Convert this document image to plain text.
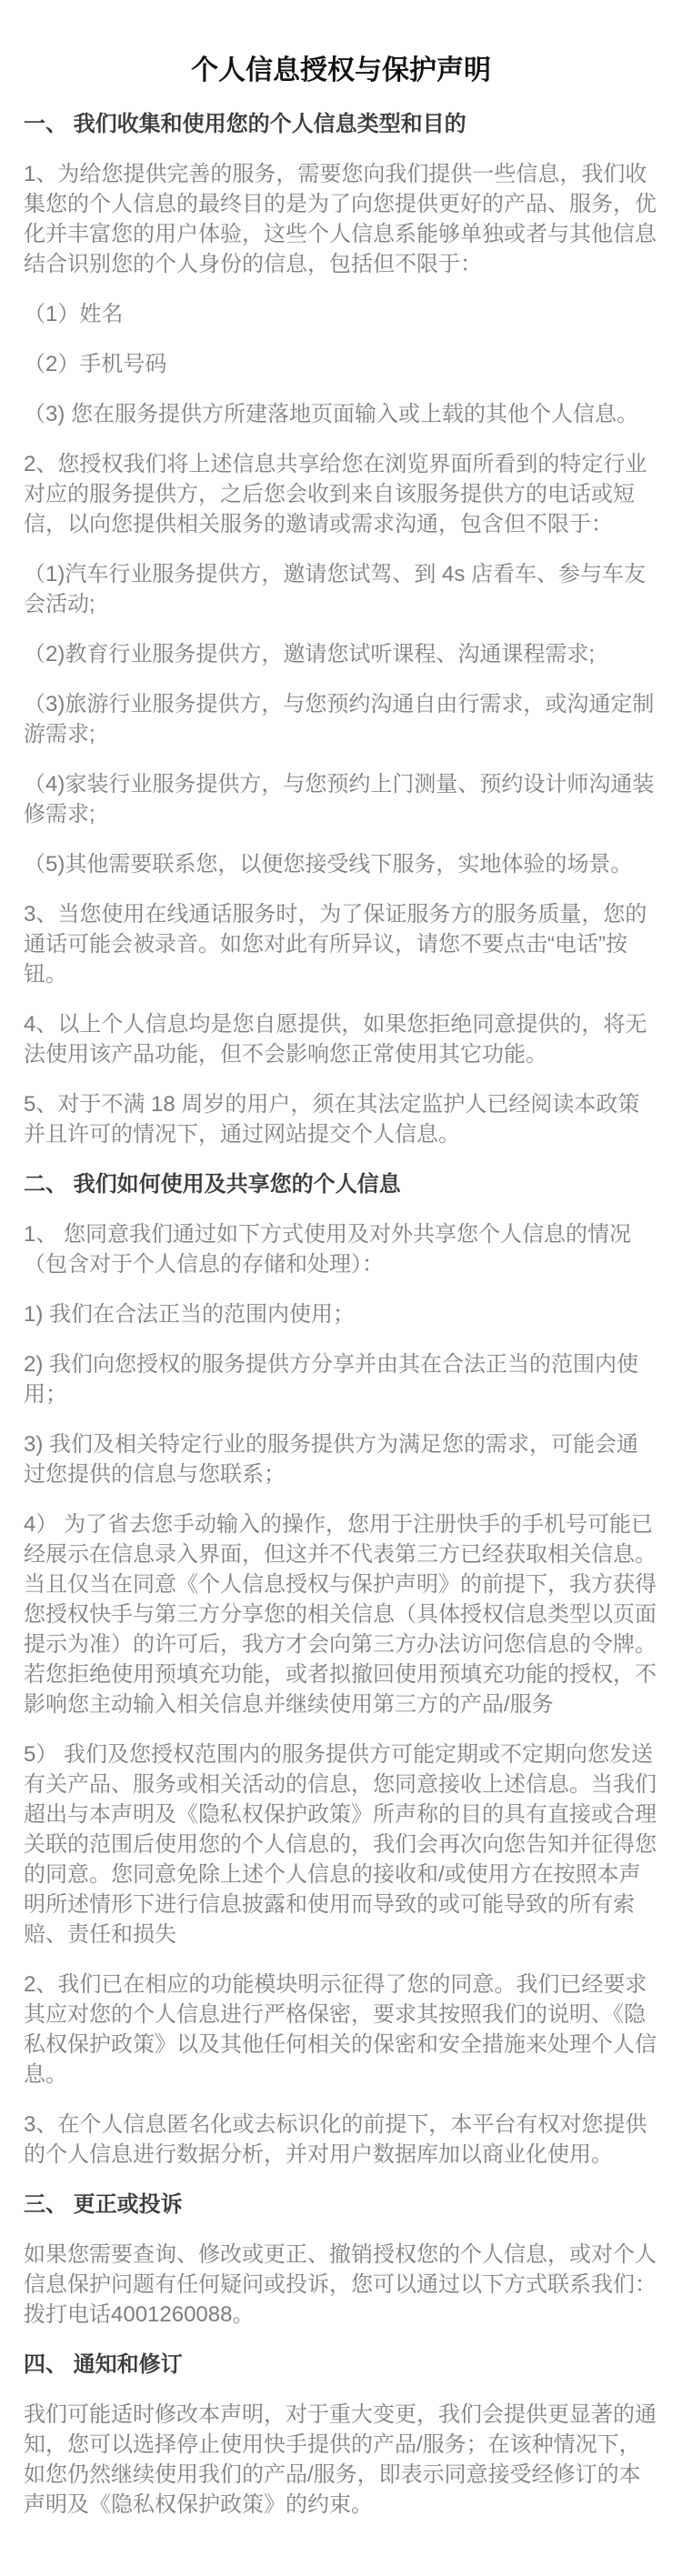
个人信息授权与保护声明
一、 我们收集和使用您的个人信息类型和目的

1、为给您提供完善的服务，需要您向我们提供一些信息，我们收集您的个人信息的最终目的是为了向您提供更好的产品、服务，优化并丰富您的用户体验，这些个人信息系能够单独或者与其他信息结合识别您的个人身份的信息，包括但不限于：

（1）姓名

（2）手机号码

（3) 您在服务提供方所建落地页面输入或上载的其他个人信息。

2、您授权我们将上述信息共享给您在浏览界面所看到的特定行业对应的服务提供方，之后您会收到来自该服务提供方的电话或短信，以向您提供相关服务的邀请或需求沟通，包含但不限于：

（1)汽车行业服务提供方，邀请您试驾、到 4s 店看车、参与车友会活动;

（2)教育行业服务提供方，邀请您试听课程、沟通课程需求;

（3)旅游行业服务提供方，与您预约沟通自由行需求，或沟通定制游需求;

（4)家装行业服务提供方，与您预约上门测量、预约设计师沟通装修需求;

（5)其他需要联系您，以便您接受线下服务，实地体验的场景。

3、当您使用在线通话服务时，为了保证服务方的服务质量，您的通话可能会被录音。如您对此有所异议，请您不要点击“电话”按钮。

4、以上个人信息均是您自愿提供，如果您拒绝同意提供的，将无法使用该产品功能，但不会影响您正常使用其它功能。

5、对于不满 18 周岁的用户，须在其法定监护人已经阅读本政策并且许可的情况下，通过网站提交个人信息。

二、 我们如何使用及共享您的个人信息

1、 您同意我们通过如下方式使用及对外共享您个人信息的情况（包含对于个人信息的存储和处理）：

1) 我们在合法正当的范围内使用；

2) 我们向您授权的服务提供方分享并由其在合法正当的范围内使用；

3) 我们及相关特定行业的服务提供方为满足您的需求，可能会通过您提供的信息与您联系；

4） 为了省去您手动输入的操作，您用于注册快手的手机号可能已经展示在信息录入界面，但这并不代表第三方已经获取相关信息。当且仅当在同意《个人信息授权与保护声明》的前提下，我方获得您授权快手与第三方分享您的相关信息（具体授权信息类型以页面提示为准）的许可后，我方才会向第三方办法访问您信息的令牌。若您拒绝使用预填充功能，或者拟撤回使用预填充功能的授权，不影响您主动输入相关信息并继续使用第三方的产品/服务

5） 我们及您授权范围内的服务提供方可能定期或不定期向您发送有关产品、服务或相关活动的信息，您同意接收上述信息。当我们超出与本声明及《隐私权保护政策》所声称的目的具有直接或合理关联的范围后使用您的个人信息的，我们会再次向您告知并征得您的同意。您同意免除上述个人信息的接收和/或使用方在按照本声明所述情形下进行信息披露和使用而导致的或可能导致的所有索赔、责任和损失

2、我们已在相应的功能模块明示征得了您的同意。我们已经要求其应对您的个人信息进行严格保密，要求其按照我们的说明、《隐私权保护政策》以及其他任何相关的保密和安全措施来处理个人信息。

3、在个人信息匿名化或去标识化的前提下，本平台有权对您提供的个人信息进行数据分析，并对用户数据库加以商业化使用。

三、 更正或投诉

如果您需要查询、修改或更正、撤销授权您的个人信息，或对个人信息保护问题有任何疑问或投诉，您可以通过以下方式联系我们：拨打电话4001260088。

四、 通知和修订

我们可能适时修改本声明，对于重大变更，我们会提供更显著的通知，您可以选择停止使用快手提供的产品/服务；在该种情况下，如您仍然继续使用我们的产品/服务，即表示同意接受经修订的本声明及《隐私权保护政策》的约束。
